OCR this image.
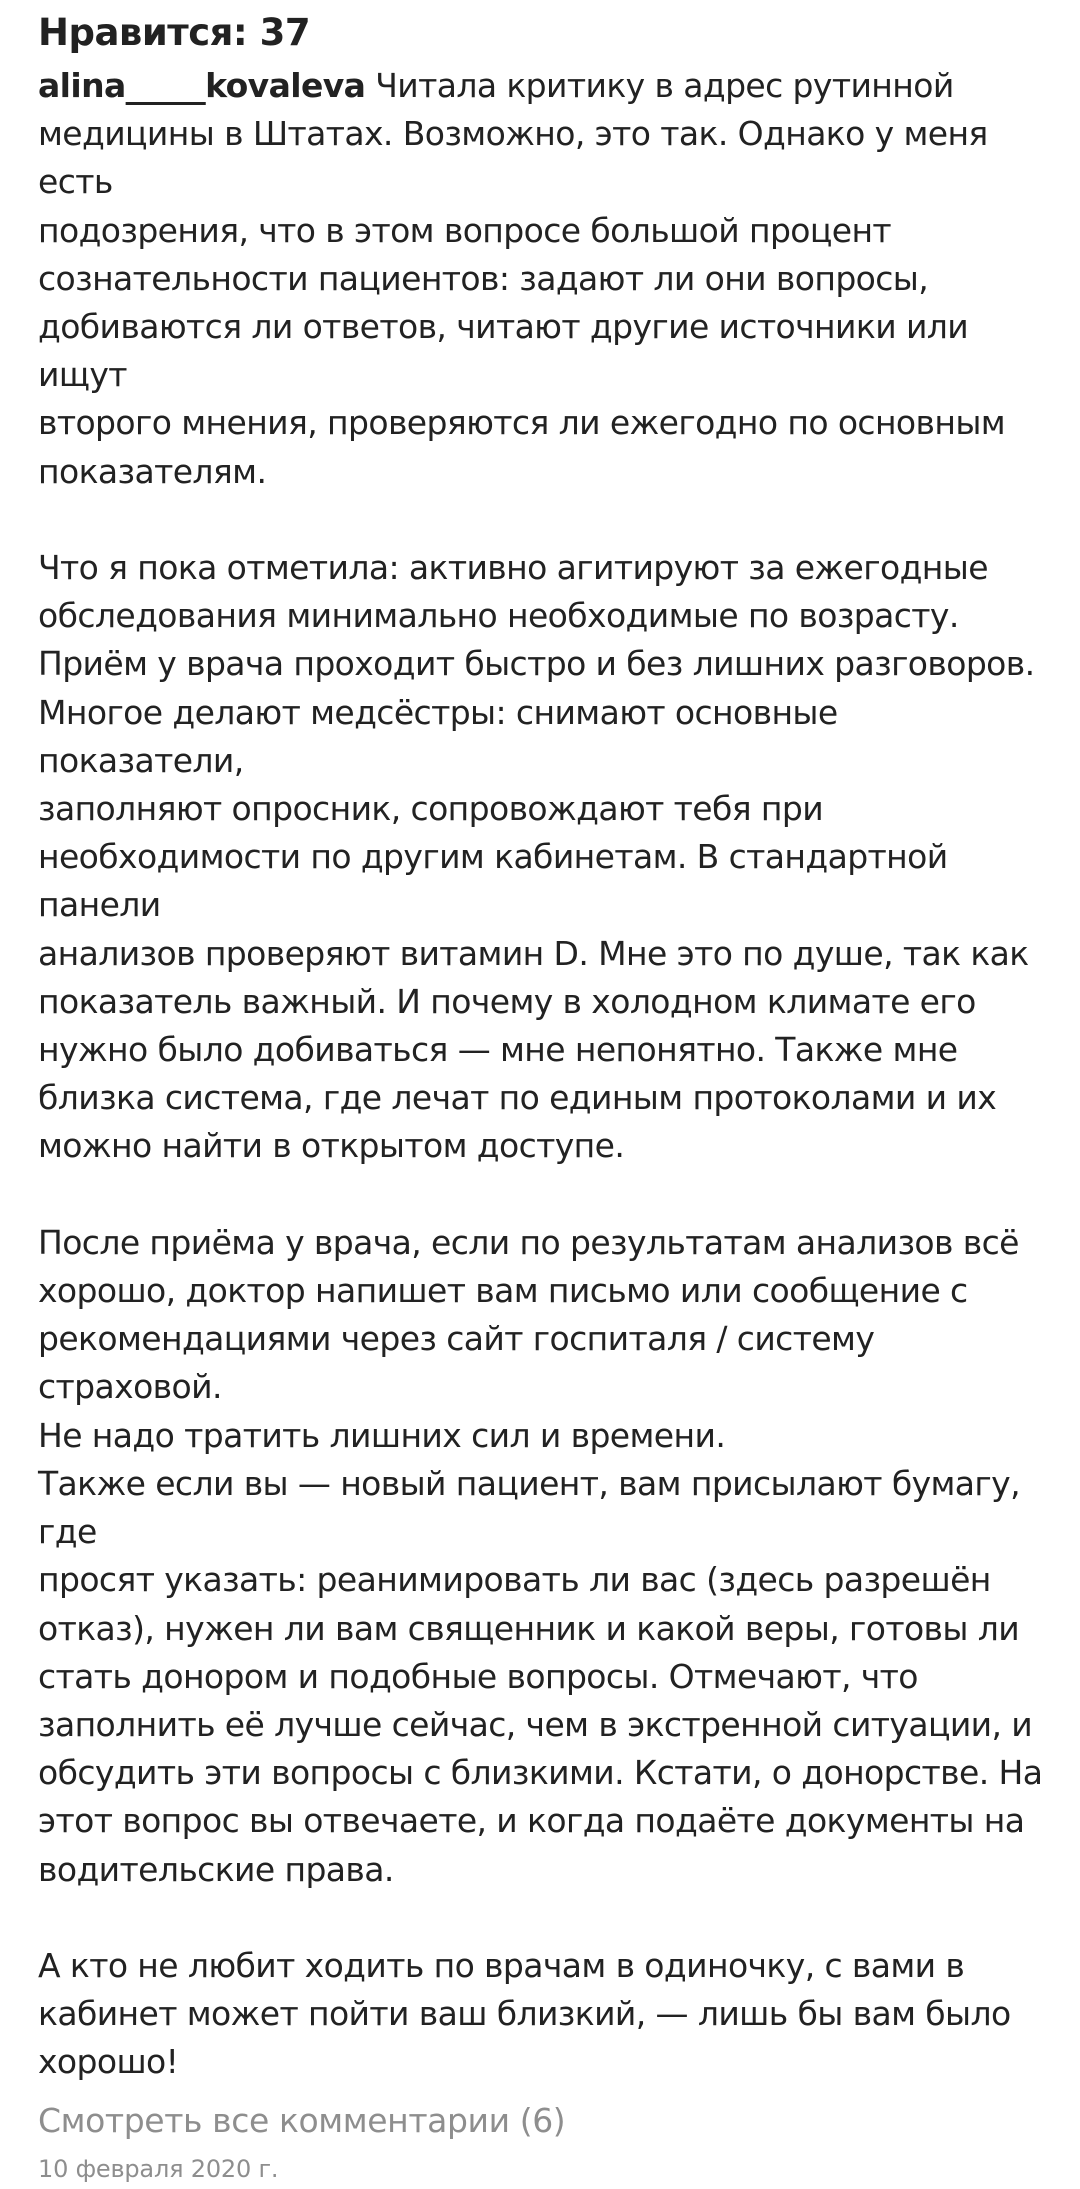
Нравится: 37
alina_____kovaleva Читала критику в адрес рутинной
медицины в Штатах. Возможно, это так. Однако у меня есть
подозрения, что в этом вопросе большой процент
сознательности пациентов: задают ли они вопросы,
добиваются ли ответов, читают другие источники или ищут
второго мнения, проверяются ли ежегодно по основным
показателям.

Что я пока отметила: активно агитируют за ежегодные
обследования минимально необходимые по возрасту.
Приём у врача проходит быстро и без лишних разговоров.
Многое делают медсёстры: снимают основные показатели,
заполняют опросник, сопровождают тебя при
необходимости по другим кабинетам. В стандартной панели
анализов проверяют витамин D. Мне это по душе, так как
показатель важный. И почему в холодном климате его
нужно было добиваться — мне непонятно. Также мне
близка система, где лечат по единым протоколами и их
можно найти в открытом доступе.

После приёма у врача, если по результатам анализов всё
хорошо, доктор напишет вам письмо или сообщение с
рекомендациями через сайт госпиталя / систему страховой.
Не надо тратить лишних сил и времени.
Также если вы — новый пациент, вам присылают бумагу, где
просят указать: реанимировать ли вас (здесь разрешён
отказ), нужен ли вам священник и какой веры, готовы ли
стать донором и подобные вопросы. Отмечают, что
заполнить её лучше сейчас, чем в экстренной ситуации, и
обсудить эти вопросы с близкими. Кстати, о донорстве. На
этот вопрос вы отвечаете, и когда подаёте документы на
водительские права.

А кто не любит ходить по врачам в одиночку, с вами в
кабинет может пойти ваш близкий, — лишь бы вам было
хорошо!
Смотреть все комментарии (6)
10 февраля 2020 г.
